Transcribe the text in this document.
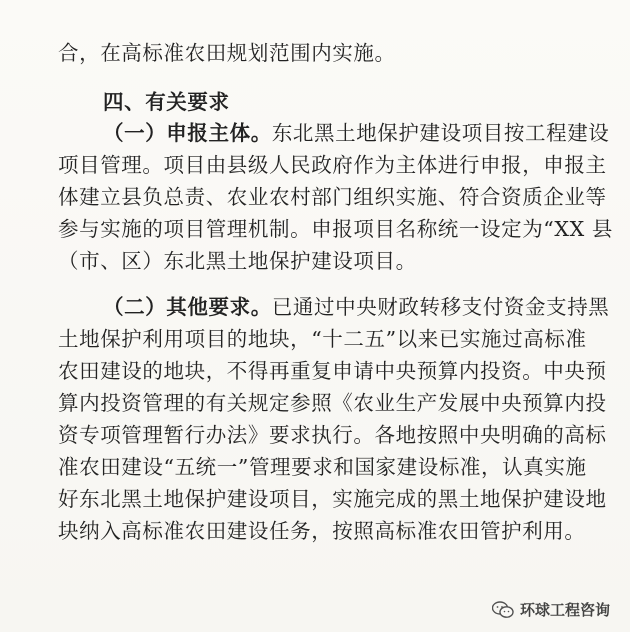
合，在高标准农田规划范围内实施。
四、有关要求
（一）申报主体。东北黑土地保护建设项目按工程建设
项目管理。项目由县级人民政府作为主体进行申报，申报主
体建立县负总责、农业农村部门组织实施、符合资质企业等
参与实施的项目管理机制。申报项目名称统一设定为“XX 县
（市、区）东北黑土地保护建设项目。
（二）其他要求。已通过中央财政转移支付资金支持黑
土地保护利用项目的地块，“十二五”以来已实施过高标准
农田建设的地块，不得再重复申请中央预算内投资。中央预
算内投资管理的有关规定参照《农业生产发展中央预算内投
资专项管理暂行办法》要求执行。各地按照中央明确的高标
准农田建设“五统一”管理要求和国家建设标准，认真实施
好东北黑土地保护建设项目，实施完成的黑土地保护建设地
块纳入高标准农田建设任务，按照高标准农田管护利用。
环球工程咨询
